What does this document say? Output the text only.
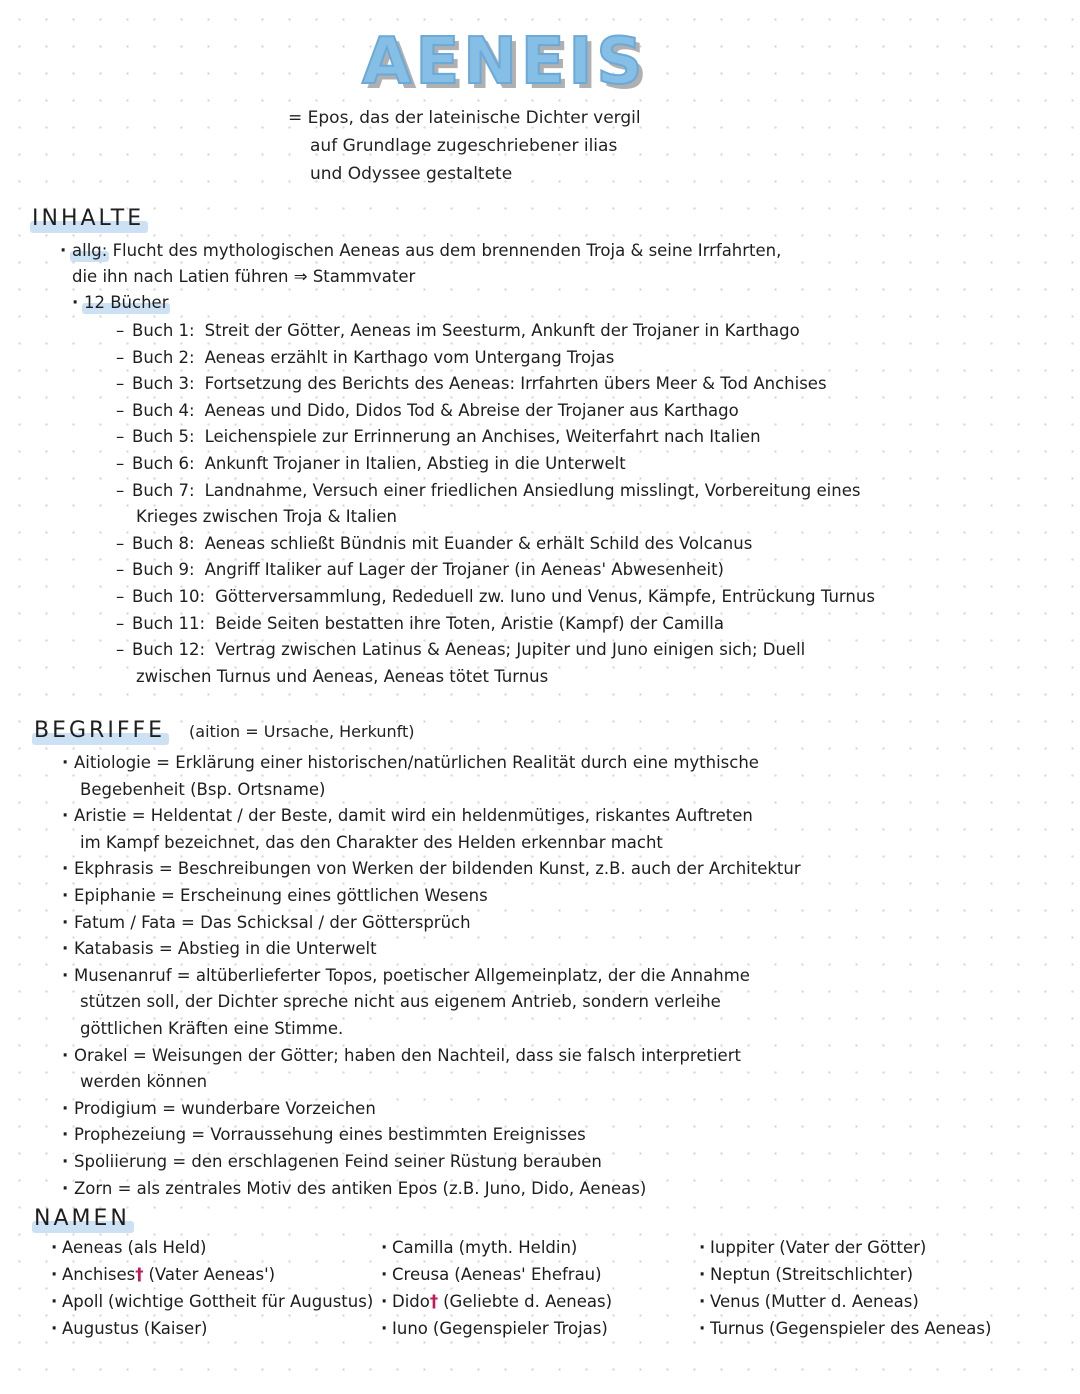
AENEIS
= Epos, das der lateinische Dichter vergil
auf Grundlage zugeschriebener ilias
und Odyssee gestaltete
INHALTE
· allg: Flucht des mythologischen Aeneas aus dem brennenden Troja & seine Irrfahrten,
die ihn nach Latien führen ⇒ Stammvater
· 12 Bücher
– Buch 1: Streit der Götter, Aeneas im Seesturm, Ankunft der Trojaner in Karthago
– Buch 2: Aeneas erzählt in Karthago vom Untergang Trojas
– Buch 3: Fortsetzung des Berichts des Aeneas: Irrfahrten übers Meer & Tod Anchises
– Buch 4: Aeneas und Dido, Didos Tod & Abreise der Trojaner aus Karthago
– Buch 5: Leichenspiele zur Errinnerung an Anchises, Weiterfahrt nach Italien
– Buch 6: Ankunft Trojaner in Italien, Abstieg in die Unterwelt
– Buch 7: Landnahme, Versuch einer friedlichen Ansiedlung misslingt, Vorbereitung eines
Krieges zwischen Troja & Italien
– Buch 8: Aeneas schließt Bündnis mit Euander & erhält Schild des Volcanus
– Buch 9: Angriff Italiker auf Lager der Trojaner (in Aeneas' Abwesenheit)
– Buch 10: Götterversammlung, Rededuell zw. Iuno und Venus, Kämpfe, Entrückung Turnus
– Buch 11: Beide Seiten bestatten ihre Toten, Aristie (Kampf) der Camilla
– Buch 12: Vertrag zwischen Latinus & Aeneas; Jupiter und Juno einigen sich; Duell
zwischen Turnus und Aeneas, Aeneas tötet Turnus
BEGRIFFE (aition = Ursache, Herkunft)
· Aitiologie = Erklärung einer historischen/natürlichen Realität durch eine mythische
Begebenheit (Bsp. Ortsname)
· Aristie = Heldentat / der Beste, damit wird ein heldenmütiges, riskantes Auftreten
im Kampf bezeichnet, das den Charakter des Helden erkennbar macht
· Ekphrasis = Beschreibungen von Werken der bildenden Kunst, z.B. auch der Architektur
· Epiphanie = Erscheinung eines göttlichen Wesens
· Fatum / Fata = Das Schicksal / der Göttersprüch
· Katabasis = Abstieg in die Unterwelt
· Musenanruf = altüberlieferter Topos, poetischer Allgemeinplatz, der die Annahme
stützen soll, der Dichter spreche nicht aus eigenem Antrieb, sondern verleihe
göttlichen Kräften eine Stimme.
· Orakel = Weisungen der Götter; haben den Nachteil, dass sie falsch interpretiert
werden können
· Prodigium = wunderbare Vorzeichen
· Prophezeiung = Vorraussehung eines bestimmten Ereignisses
· Spoliierung = den erschlagenen Feind seiner Rüstung berauben
· Zorn = als zentrales Motiv des antiken Epos (z.B. Juno, Dido, Aeneas)
NAMEN
· Aeneas (als Held)
· Anchises† (Vater Aeneas')
· Apoll (wichtige Gottheit für Augustus)
· Augustus (Kaiser)
· Camilla (myth. Heldin)
· Creusa (Aeneas' Ehefrau)
· Dido† (Geliebte d. Aeneas)
· Iuno (Gegenspieler Trojas)
· Iuppiter (Vater der Götter)
· Neptun (Streitschlichter)
· Venus (Mutter d. Aeneas)
· Turnus (Gegenspieler des Aeneas)
